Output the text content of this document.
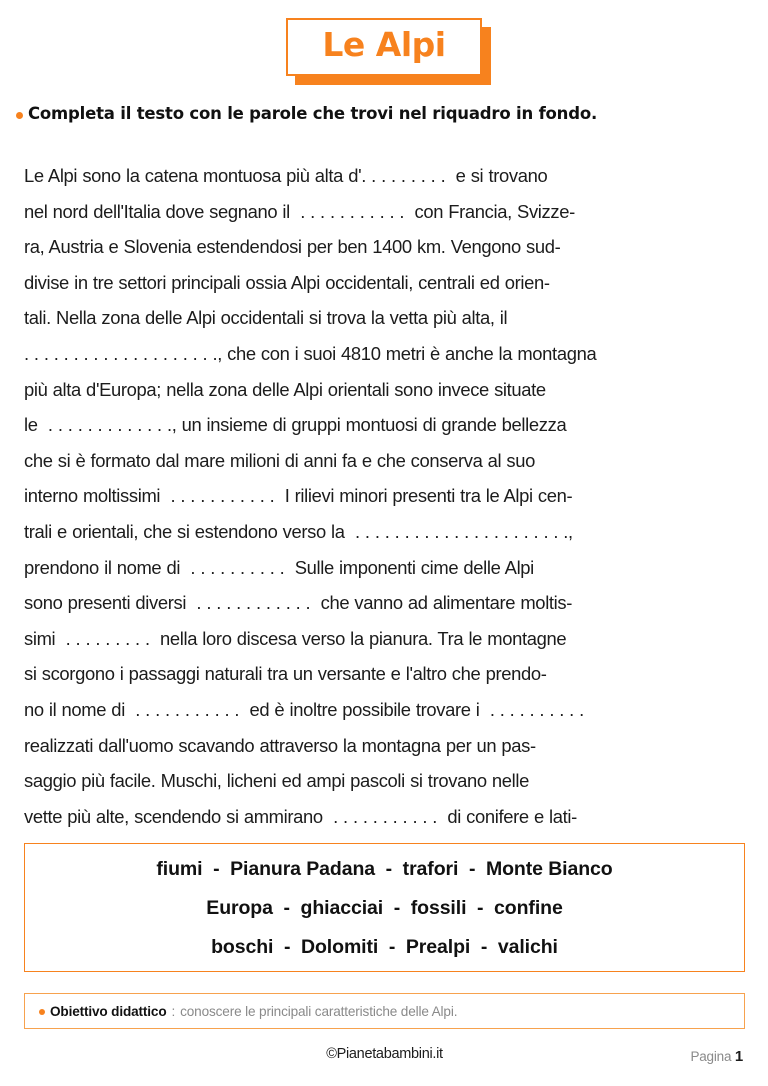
Le Alpi
Completa il testo con le parole che trovi nel riquadro in fondo.
Le Alpi sono la catena montuosa più alta d'. . . . . . . . .  e si trovano
nel nord dell'Italia dove segnano il  . . . . . . . . . . .  con Francia, Svizze-
ra, Austria e Slovenia estendendosi per ben 1400 km. Vengono sud-
divise in tre settori principali ossia Alpi occidentali, centrali ed orien-
tali. Nella zona delle Alpi occidentali si trova la vetta più alta, il
. . . . . . . . . . . . . . . . . . . ., che con i suoi 4810 metri è anche la montagna
più alta d'Europa; nella zona delle Alpi orientali sono invece situate
le  . . . . . . . . . . . . ., un insieme di gruppi montuosi di grande bellezza
che si è formato dal mare milioni di anni fa e che conserva al suo
interno moltissimi  . . . . . . . . . . .  I rilievi minori presenti tra le Alpi cen-
trali e orientali, che si estendono verso la  . . . . . . . . . . . . . . . . . . . . . .,
prendono il nome di  . . . . . . . . . .  Sulle imponenti cime delle Alpi
sono presenti diversi  . . . . . . . . . . . .  che vanno ad alimentare moltis-
simi  . . . . . . . . .  nella loro discesa verso la pianura. Tra le montagne
si scorgono i passaggi naturali tra un versante e l'altro che prendo-
no il nome di  . . . . . . . . . . .  ed è inoltre possibile trovare i  . . . . . . . . . .
realizzati dall'uomo scavando attraverso la montagna per un pas-
saggio più facile. Muschi, licheni ed ampi pascoli si trovano nelle
vette più alte, scendendo si ammirano  . . . . . . . . . . .  di conifere e lati-
fiumi  -  Pianura Padana  -  trafori  -  Monte Bianco
Europa  -  ghiacciai  -  fossili  -  confine
boschi  -  Dolomiti  -  Prealpi  -  valichi
Obiettivo didattico : conoscere le principali caratteristiche delle Alpi.
©Pianetabambini.it	Pagina 1
